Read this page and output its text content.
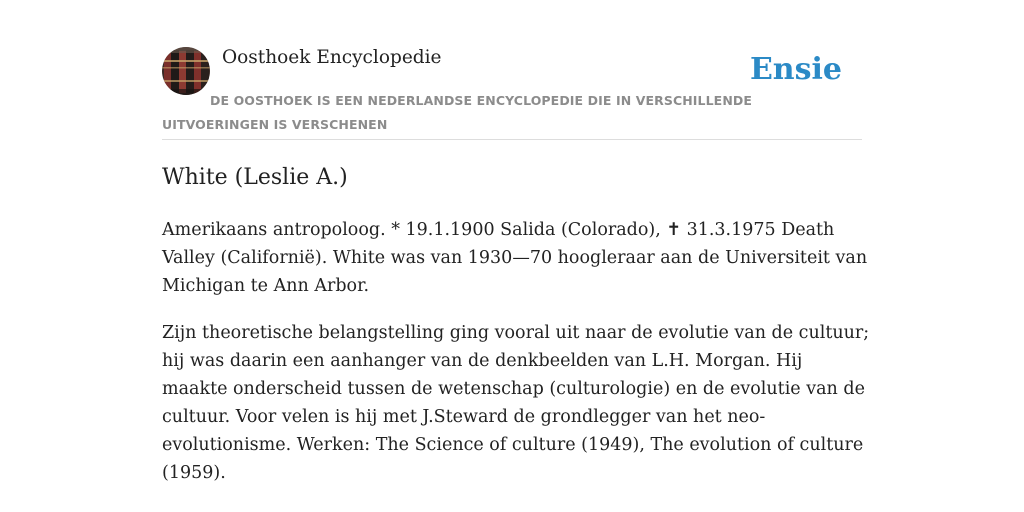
Oosthoek Encyclopedie	Ensie

DE OOSTHOEK IS EEN NEDERLANDSE ENCYCLOPEDIE DIE IN VERSCHILLENDE UITVOERINGEN IS VERSCHENEN

White (Leslie A.)

Amerikaans antropoloog. * 19.1.1900 Salida (Colorado), ✝ 31.3.1975 Death Valley (Californië). White was van 1930—70 hoogleraar aan de Universiteit van Michigan te Ann Arbor.

Zijn theoretische belangstelling ging vooral uit naar de evolutie van de cultuur; hij was daarin een aanhanger van de denkbeelden van L.H. Morgan. Hij maakte onderscheid tussen de wetenschap (culturologie) en de evolutie van de cultuur. Voor velen is hij met J.Steward de grondlegger van het neo-evolutionisme. Werken: The Science of culture (1949), The evolution of culture (1959).
